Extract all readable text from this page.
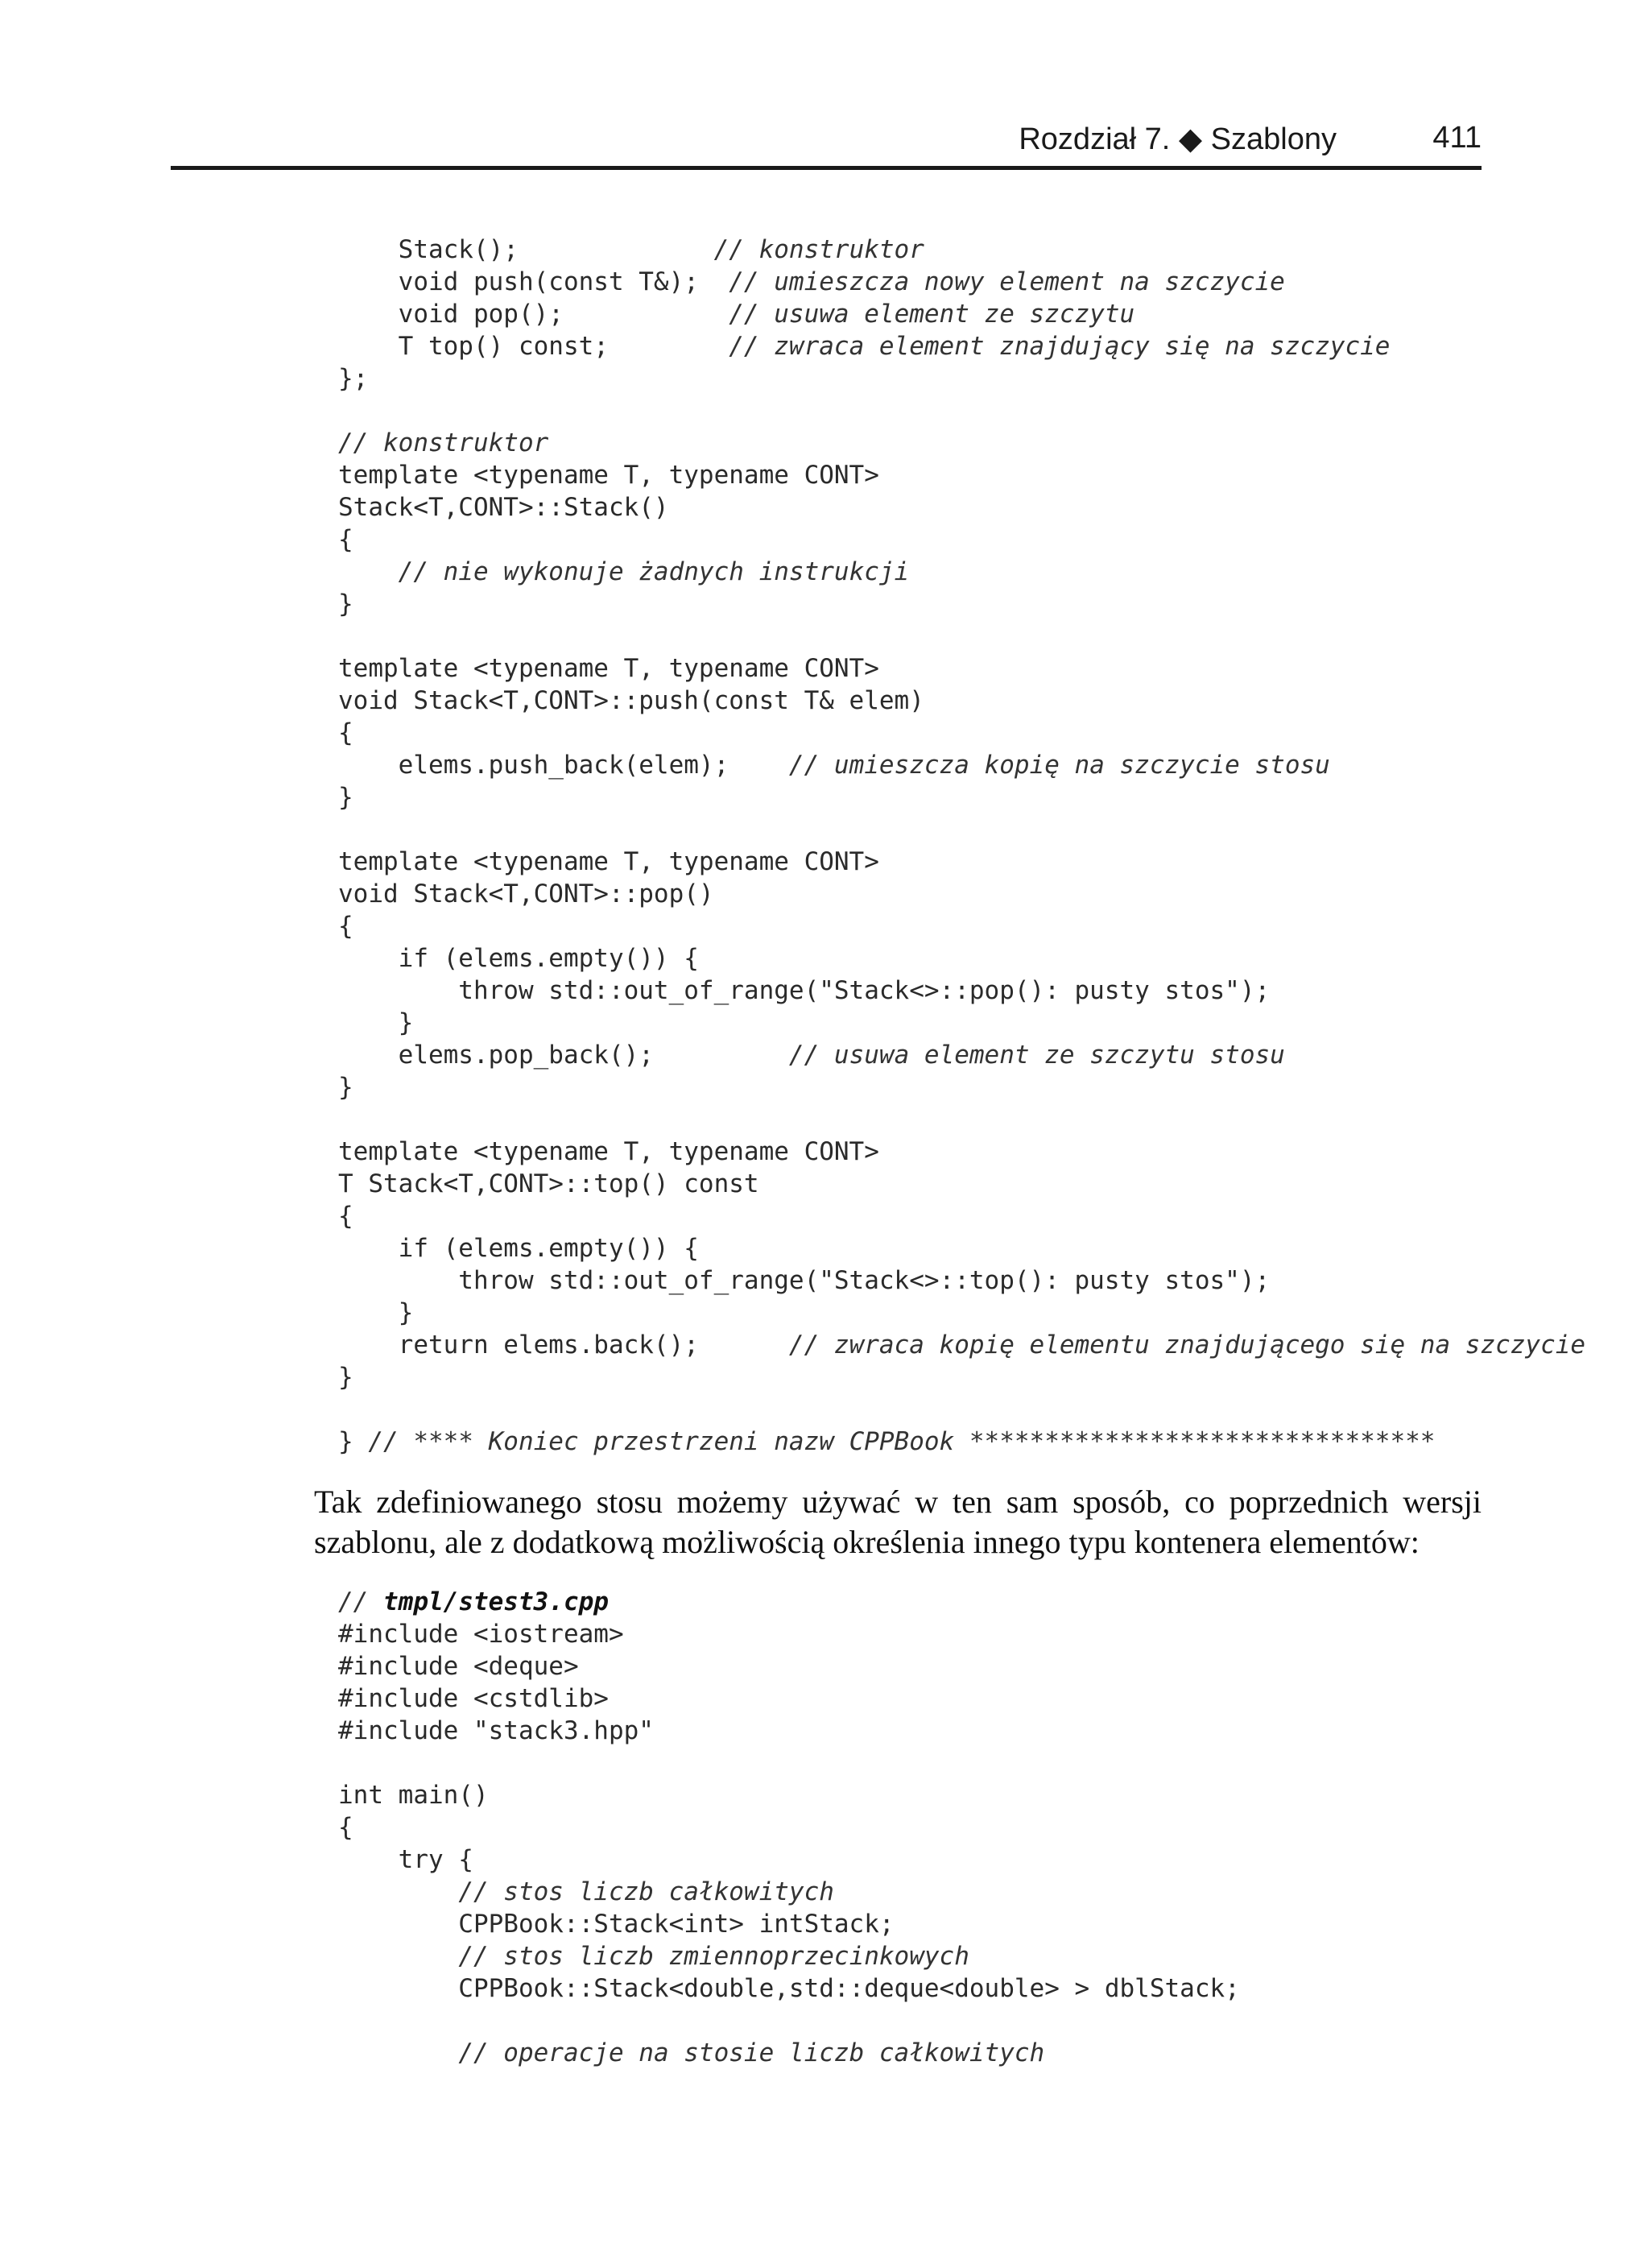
Rozdział 7. ◆ Szablony	411
Stack();             // konstruktor
void push(const T&);  // umieszcza nowy element na szczycie
void pop();           // usuwa element ze szczytu
T top() const;        // zwraca element znajdujący się na szczycie
};

// konstruktor
template <typename T, typename CONT>
Stack<T,CONT>::Stack()
{
// nie wykonuje żadnych instrukcji
}

template <typename T, typename CONT>
void Stack<T,CONT>::push(const T& elem)
{
elems.push_back(elem);    // umieszcza kopię na szczycie stosu
}

template <typename T, typename CONT>
void Stack<T,CONT>::pop()
{
if (elems.empty()) {
throw std::out_of_range("Stack<>::pop(): pusty stos");
}
elems.pop_back();         // usuwa element ze szczytu stosu
}

template <typename T, typename CONT>
T Stack<T,CONT>::top() const
{
if (elems.empty()) {
throw std::out_of_range("Stack<>::top(): pusty stos");
}
return elems.back();      // zwraca kopię elementu znajdującego się na szczycie
}

} // **** Koniec przestrzeni nazw CPPBook *******************************

Tak zdefiniowanego stosu możemy używać w ten sam sposób, co poprzednich wersji szablonu, ale z dodatkową możliwością określenia innego typu kontenera elementów:

// tmpl/stest3.cpp
#include <iostream>
#include <deque>
#include <cstdlib>
#include "stack3.hpp"

int main()
{
try {
// stos liczb całkowitych
CPPBook::Stack<int> intStack;
// stos liczb zmiennoprzecinkowych
CPPBook::Stack<double,std::deque<double> > dblStack;

// operacje na stosie liczb całkowitych
